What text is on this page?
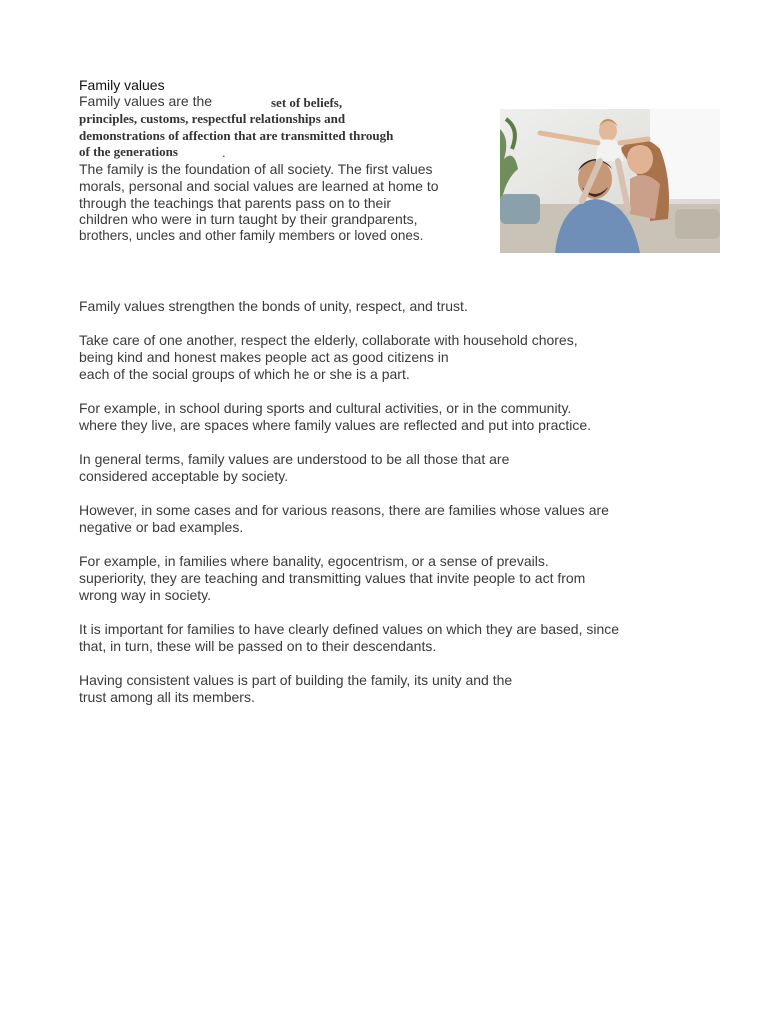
Family values
Family values are the	set of beliefs,
principles, customs, respectful relationships and
demonstrations of affection that are transmitted through
of the generations	.
The family is the foundation of all society. The first values
morals, personal and social values are learned at home to
through the teachings that parents pass on to their
children who were in turn taught by their grandparents,
brothers, uncles and other family members or loved ones.
Family values strengthen the bonds of unity, respect, and trust.
Take care of one another, respect the elderly, collaborate with household chores,
being kind and honest makes people act as good citizens in
each of the social groups of which he or she is a part.
For example, in school during sports and cultural activities, or in the community.
where they live, are spaces where family values are reflected and put into practice.
In general terms, family values are understood to be all those that are
considered acceptable by society.
However, in some cases and for various reasons, there are families whose values are
negative or bad examples.
For example, in families where banality, egocentrism, or a sense of prevails.
superiority, they are teaching and transmitting values that invite people to act from
wrong way in society.
It is important for families to have clearly defined values on which they are based, since
that, in turn, these will be passed on to their descendants.
Having consistent values is part of building the family, its unity and the
trust among all its members.
